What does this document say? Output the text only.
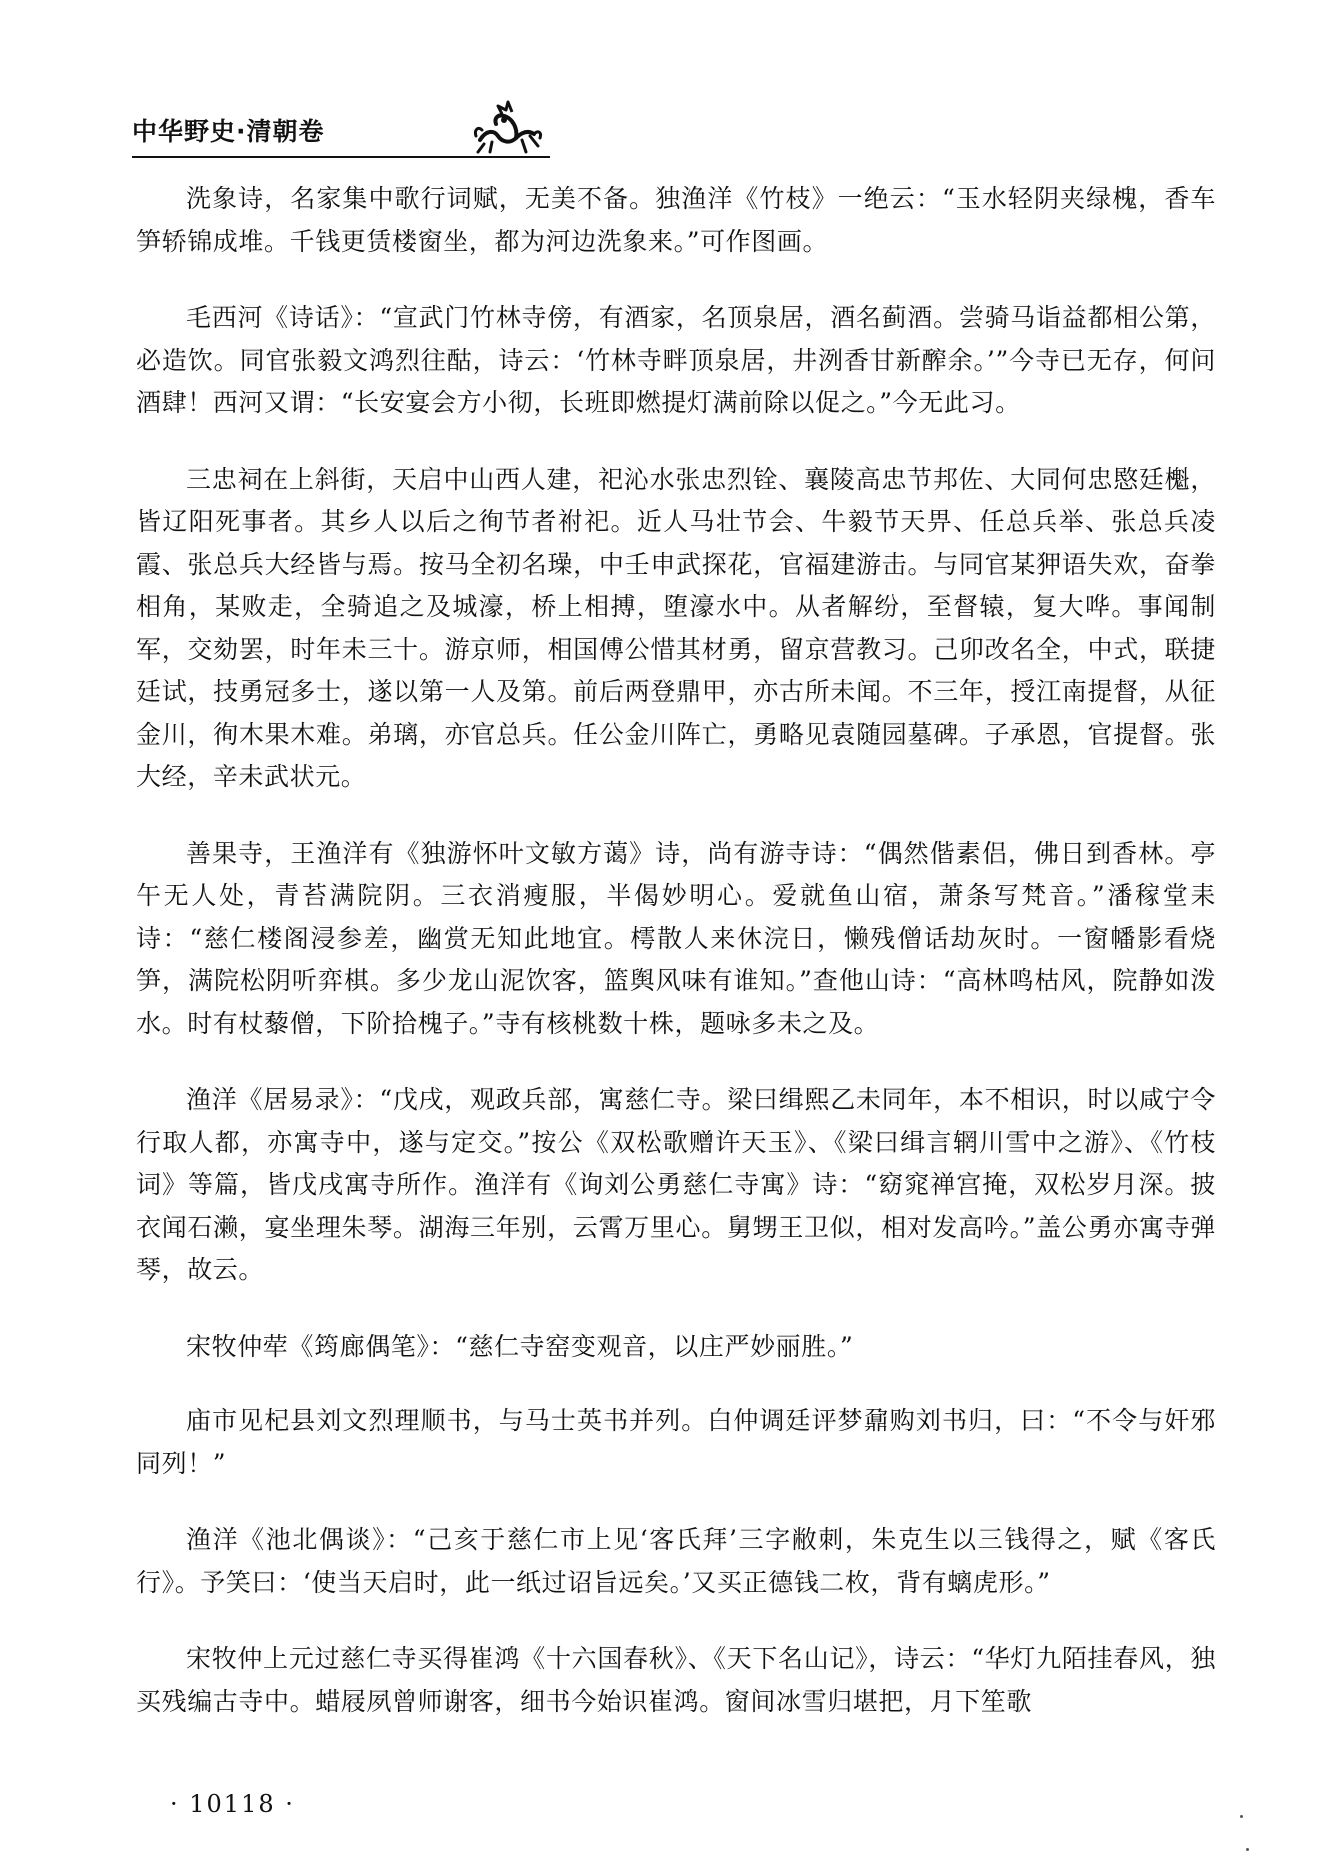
中华野史·清朝卷

洗象诗，名家集中歌行词赋，无美不备。独渔洋《竹枝》一绝云：“玉水轻阴夹绿槐，香车笋轿锦成堆。千钱更赁楼窗坐，都为河边洗象来。”可作图画。

毛西河《诗话》：“宣武门竹林寺傍，有酒家，名顶泉居，酒名蓟酒。尝骑马诣益都相公第，必造饮。同官张毅文鸿烈往酤，诗云：‘竹林寺畔顶泉居，井洌香甘新醡余。’”今寺已无存，何问酒肆！西河又谓：“长安宴会方小彻，长班即燃提灯满前除以促之。”今无此习。

三忠祠在上斜街，天启中山西人建，祀沁水张忠烈铨、襄陵高忠节邦佐、大同何忠愍廷櫆，皆辽阳死事者。其乡人以后之徇节者祔祀。近人马壮节会、牛毅节天畀、任总兵举、张总兵凌霞、张总兵大经皆与焉。按马全初名璪，中壬申武探花，官福建游击。与同官某狎语失欢，奋拳相角，某败走，全骑追之及城濠，桥上相搏，堕濠水中。从者解纷，至督辕，复大哗。事闻制军，交劾罢，时年未三十。游京师，相国傅公惜其材勇，留京营教习。己卯改名全，中式，联捷廷试，技勇冠多士，遂以第一人及第。前后两登鼎甲，亦古所未闻。不三年，授江南提督，从征金川，徇木果木难。弟璃，亦官总兵。任公金川阵亡，勇略见袁随园墓碑。子承恩，官提督。张大经，辛未武状元。

善果寺，王渔洋有《独游怀叶文敏方蔼》诗，尚有游寺诗：“偶然偕素侣，佛日到香林。亭午无人处，青苔满院阴。三衣消瘦服，半偈妙明心。爱就鱼山宿，萧条写梵音。”潘稼堂耒诗：“慈仁楼阁浸参差，幽赏无知此地宜。樗散人来休浣日，懒残僧话劫灰时。一窗幡影看烧笋，满院松阴听弈棋。多少龙山泥饮客，篮舆风味有谁知。”查他山诗：“高林鸣枯风，院静如泼水。时有杖藜僧，下阶拾槐子。”寺有核桃数十株，题咏多未之及。

渔洋《居易录》：“戊戌，观政兵部，寓慈仁寺。梁曰缉熙乙未同年，本不相识，时以咸宁令行取人都，亦寓寺中，遂与定交。”按公《双松歌赠许天玉》、《梁曰缉言辋川雪中之游》、《竹枝词》等篇，皆戊戌寓寺所作。渔洋有《询刘公勇慈仁寺寓》诗：“窈窕禅宫掩，双松岁月深。披衣闻石濑，宴坐理朱琴。湖海三年别，云霄万里心。舅甥王卫似，相对发高吟。”盖公勇亦寓寺弹琴，故云。

宋牧仲荦《筠廊偶笔》：“慈仁寺窑变观音，以庄严妙丽胜。”

庙市见杞县刘文烈理顺书，与马士英书并列。白仲调廷评梦鼐购刘书归，曰：“不令与奸邪同列！”

渔洋《池北偶谈》：“己亥于慈仁市上见‘客氏拜’三字敝刺，朱克生以三钱得之，赋《客氏行》。予笑曰：‘使当天启时，此一纸过诏旨远矣。’又买正德钱二枚，背有螭虎形。”

宋牧仲上元过慈仁寺买得崔鸿《十六国春秋》、《天下名山记》，诗云：“华灯九陌挂春风，独买残编古寺中。蜡屐夙曾师谢客，细书今始识崔鸿。窗间冰雪归堪把，月下笙歌

· 10118 ·
